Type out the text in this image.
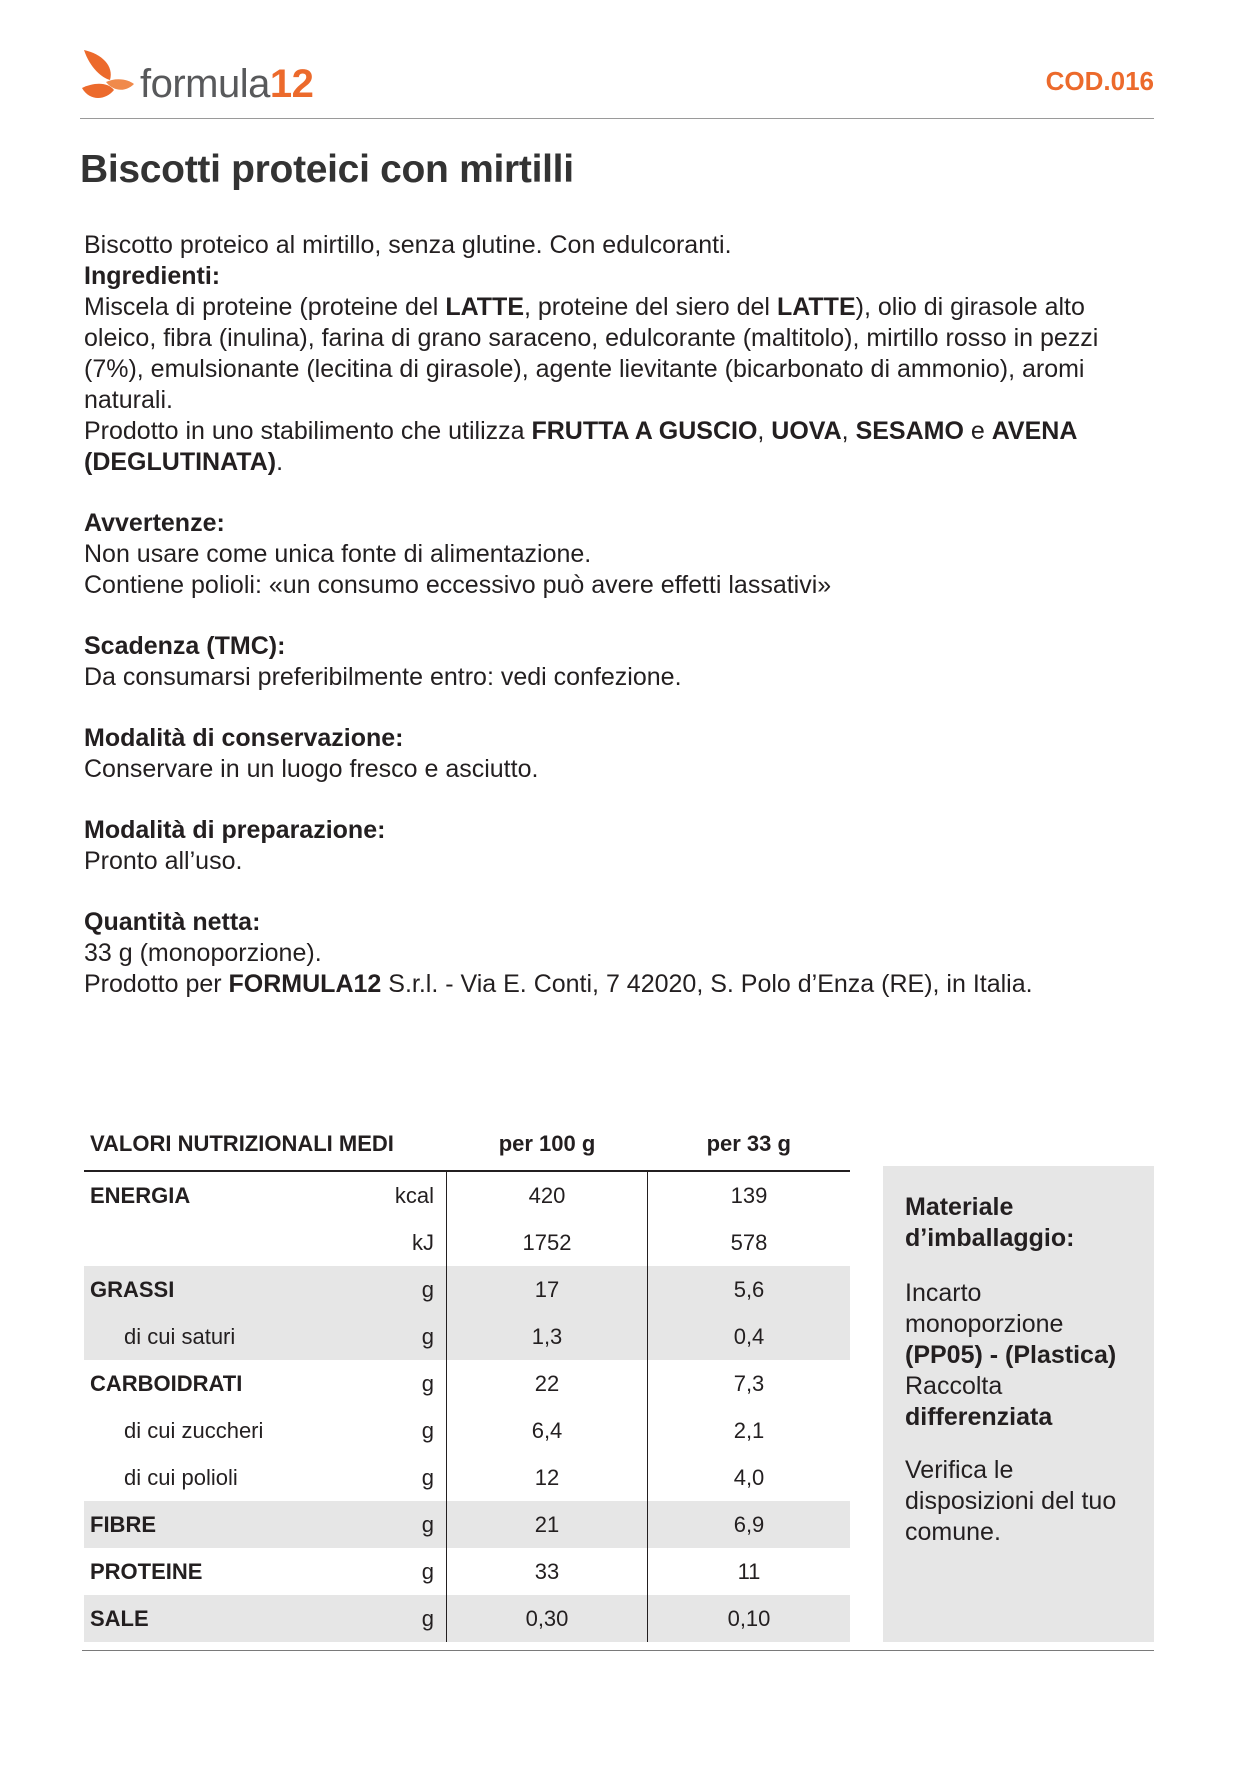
formula12	COD.016
Biscotti proteici con mirtilli

Biscotto proteico al mirtillo, senza glutine. Con edulcoranti.

Ingredienti:

Miscela di proteine (proteine del LATTE, proteine del siero del LATTE), olio di girasole alto oleico, fibra (inulina), farina di grano saraceno, edulcorante (maltitolo), mirtillo rosso in pezzi (7%), emulsionante (lecitina di girasole), agente lievitante (bicarbonato di ammonio), aromi naturali.

Prodotto in uno stabilimento che utilizza FRUTTA A GUSCIO, UOVA, SESAMO e AVENA (DEGLUTINATA).

Avvertenze:

Non usare come unica fonte di alimentazione.

Contiene polioli: «un consumo eccessivo può avere effetti lassativi»

Scadenza (TMC):

Da consumarsi preferibilmente entro: vedi confezione.

Modalità di conservazione:

Conservare in un luogo fresco e asciutto.

Modalità di preparazione:

Pronto all’uso.

Quantità netta:

33 g (monoporzione).

Prodotto per FORMULA12 S.r.l. - Via E. Conti, 7 42020, S. Polo d’Enza (RE), in Italia.

VALORI NUTRIZIONALI MEDI		per 100 g	per 33 g
ENERGIA	kcal	420	139
	kJ	1752	578
GRASSI	g	17	5,6
di cui saturi	g	1,3	0,4
CARBOIDRATI	g	22	7,3
di cui zuccheri	g	6,4	2,1
di cui polioli	g	12	4,0
FIBRE	g	21	6,9
PROTEINE	g	33	11
SALE	g	0,30	0,10

Materiale d’imballaggio:

Incarto monoporzione (PP05) - (Plastica) Raccolta differenziata

Verifica le disposizioni del tuo comune.
